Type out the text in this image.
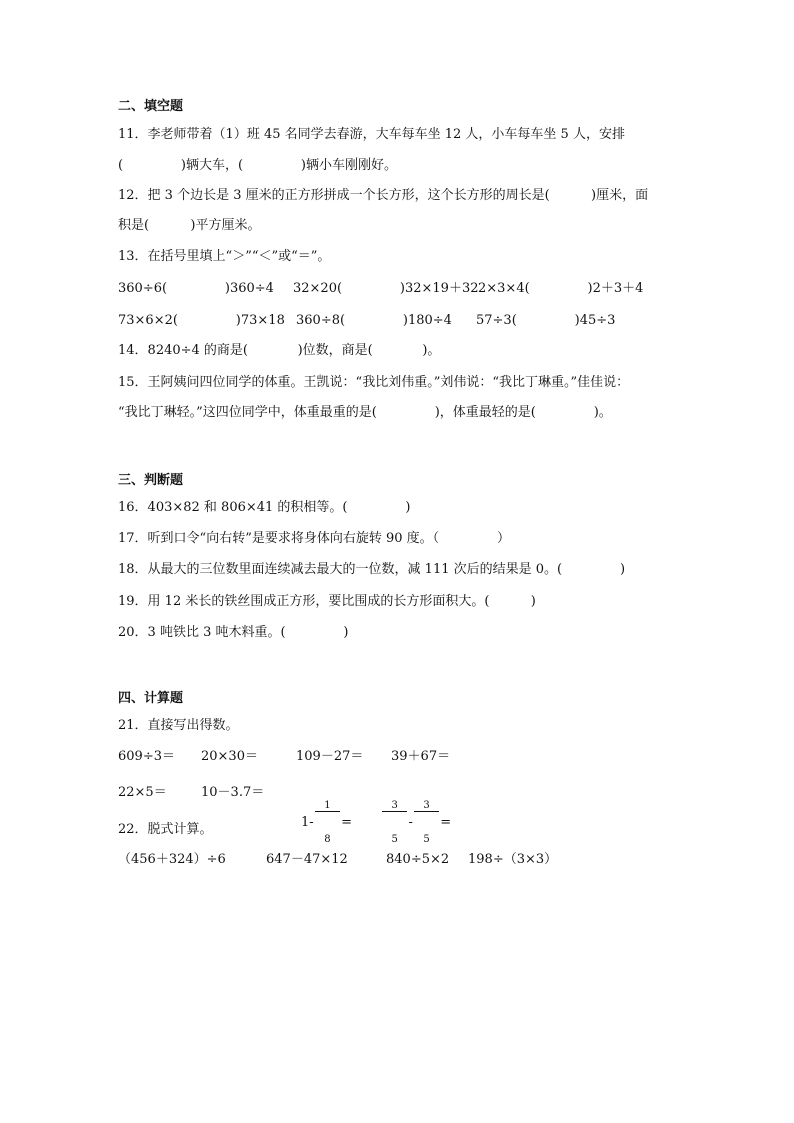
二、填空题
11．李老师带着（1）班 45 名同学去春游，大车每车坐 12 人，小车每车坐 5 人，安排
(              )辆大车，(              )辆小车刚刚好。
12．把 3 个边长是 3 厘米的正方形拼成一个长方形，这个长方形的周长是(          )厘米，面
积是(          )平方厘米。
13．在括号里填上“＞”“＜”或“＝”。
360÷6(              )360÷4 32×20(              )32×19＋32 2×3×4(              )2＋3＋4
73×6×2(              )73×18 360÷8(              )180÷4 57÷3(              )45÷3
14．8240÷4 的商是(            )位数，商是(            )。
15．王阿姨问四位同学的体重。王凯说：“我比刘伟重。”刘伟说：“我比丁琳重。”佳佳说：
“我比丁琳轻。”这四位同学中，体重最重的是(              )，体重最轻的是(              )。
三、判断题
16．403×82 和 806×41 的积相等。(              )
17．听到口令“向右转”是要求将身体向右旋转 90 度。（              ）
18．从最大的三位数里面连续减去最大的一位数，减 111 次后的结果是 0。(              )
19．用 12 米长的铁丝围成正方形，要比围成的长方形面积大。(          )
20．3 吨铁比 3 吨木料重。(              )
四、计算题
21．直接写出得数。
609÷3＝ 20×30＝	109－27＝ 39＋67＝
22×5＝	10－3.7＝
1-

$\frac{1}{8}$

=

	$\frac{3}{5}$

-

$\frac{3}{5}$

=
22．脱式计算。
（456＋324）÷6	647－47×12	840÷5×2 198÷（3×3）
